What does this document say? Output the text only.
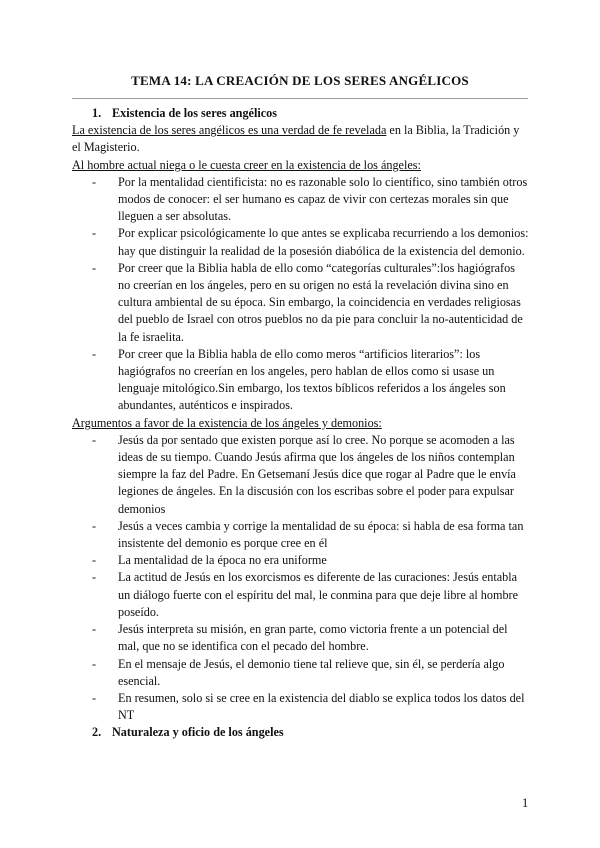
TEMA 14: LA CREACIÓN DE LOS SERES ANGÉLICOS
1. Existencia de los seres angélicos

La existencia de los seres angélicos es una verdad de fe revelada en la Biblia, la Tradición y el Magisterio.

Al hombre actual niega o le cuesta creer en la existencia de los ángeles:

- Por la mentalidad cientificista: no es razonable solo lo científico, sino también otros modos de conocer: el ser humano es capaz de vivir con certezas morales sin que lleguen a ser absolutas.
- Por explicar psicológicamente lo que antes se explicaba recurriendo a los demonios: hay que distinguir la realidad de la posesión diabólica de la existencia del demonio.
- Por creer que la Biblia habla de ello como “categorías culturales”:los hagiógrafos no creerían en los ángeles, pero en su origen no está la revelación divina sino en cultura ambiental de su época. Sin embargo, la coincidencia en verdades religiosas del pueblo de Israel con otros pueblos no da pie para concluir la no-autenticidad de la fe israelita.
- Por creer que la Biblia habla de ello como meros “artificios literarios”: los hagiógrafos no creerían en los angeles, pero hablan de ellos como si usase un lenguaje mitológico.Sin embargo, los textos bíblicos referidos a los ángeles son abundantes, auténticos e inspirados.

Argumentos a favor de la existencia de los ángeles y demonios:

- Jesús da por sentado que existen porque así lo cree. No porque se acomoden a las ideas de su tiempo. Cuando Jesús afirma que los ángeles de los niños contemplan siempre la faz del Padre. En Getsemaní Jesús dice que rogar al Padre que le envía legiones de ángeles. En la discusión con los escribas sobre el poder para expulsar demonios
- Jesús a veces cambia y corrige la mentalidad de su época: si habla de esa forma tan insistente del demonio es porque cree en él
- La mentalidad de la época no era uniforme
- La actitud de Jesús en los exorcismos es diferente de las curaciones: Jesús entabla un diálogo fuerte con el espíritu del mal, le conmina para que deje libre al hombre poseído.
- Jesús interpreta su misión, en gran parte, como victoria frente a un potencial del mal, que no se identifica con el pecado del hombre.
- En el mensaje de Jesús, el demonio tiene tal relieve que, sin él, se perdería algo esencial.
- En resumen, solo si se cree en la existencia del diablo se explica todos los datos del NT
2. Naturaleza y oficio de los ángeles
1
